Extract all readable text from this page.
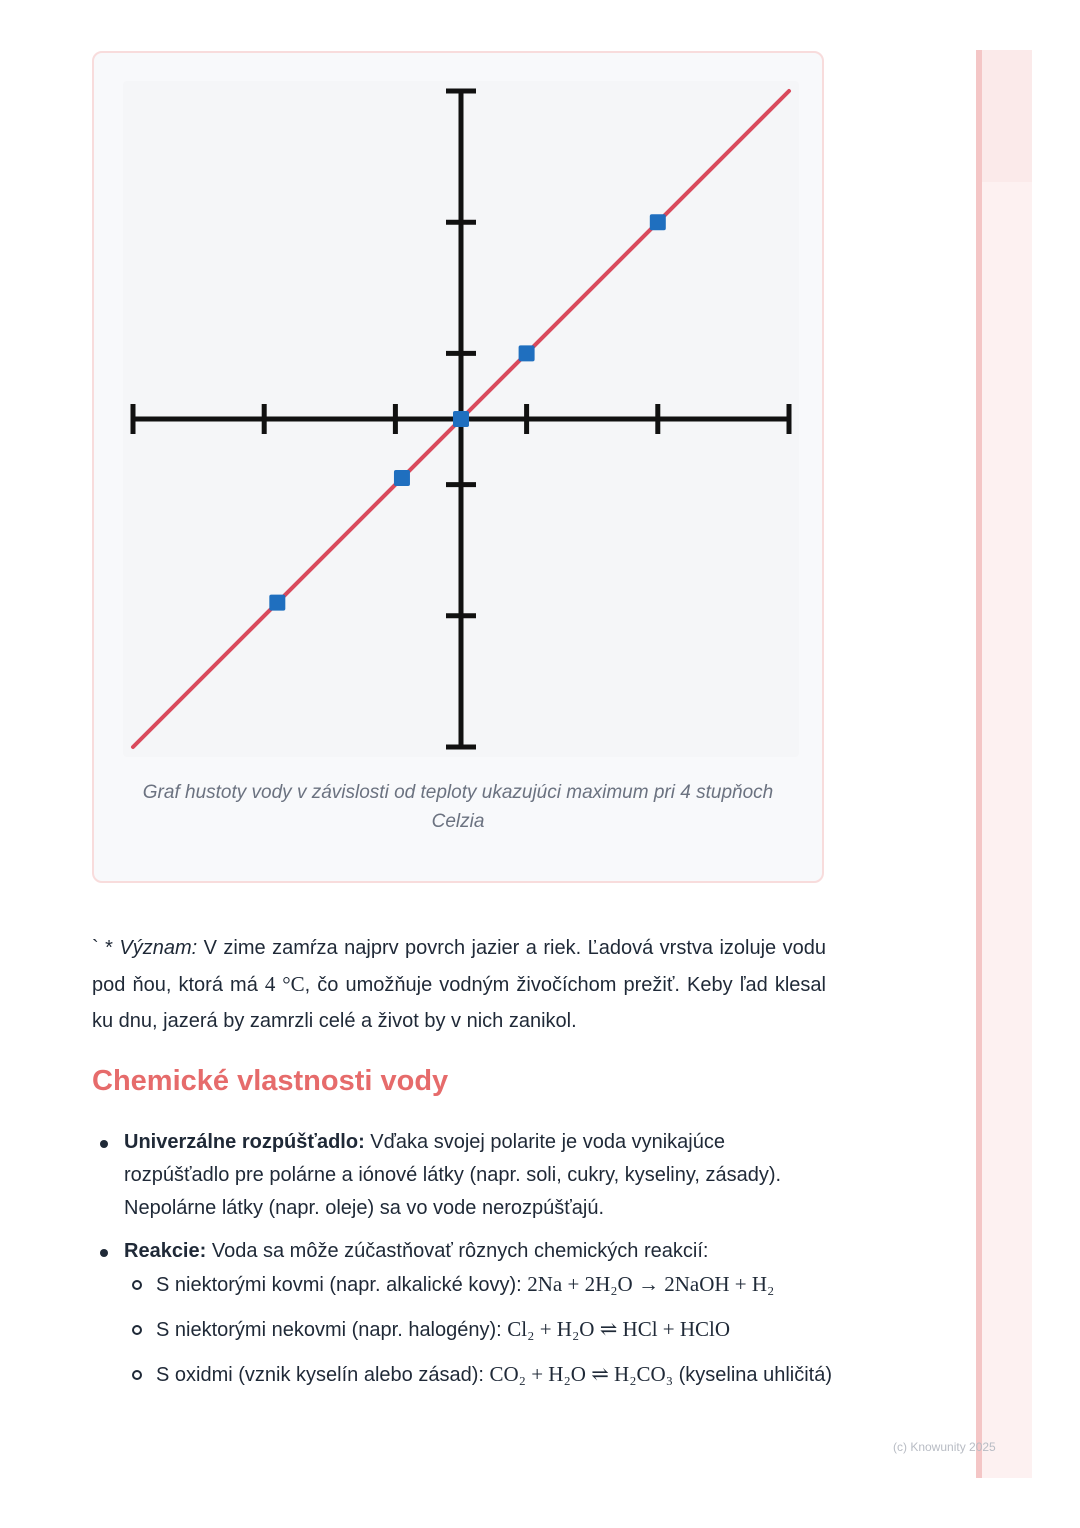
Graf hustoty vody v závislosti od teploty ukazujúci maximum pri 4 stupňoch Celzia
` * Význam: V zime zamŕza najprv povrch jazier a riek. Ľadová vrstva izoluje vodu pod ňou, ktorá má 4 °C, čo umožňuje vodným živočíchom prežiť. Keby ľad klesal ku dnu, jazerá by zamrzli celé a život by v nich zanikol.
Chemické vlastnosti vody
Univerzálne rozpúšťadlo: Vďaka svojej polarite je voda vynikajúce rozpúšťadlo pre polárne a iónové látky (napr. soli, cukry, kyseliny, zásady). Nepolárne látky (napr. oleje) sa vo vode nerozpúšťajú.
Reakcie: Voda sa môže zúčastňovať rôznych chemických reakcií:
S niektorými kovmi (napr. alkalické kovy): 2Na + 2H₂O → 2NaOH + H₂
S niektorými nekovmi (napr. halogény): Cl₂ + H₂O ⇌ HCl + HClO
S oxidmi (vznik kyselín alebo zásad): CO₂ + H₂O ⇌ H₂CO₃ (kyselina uhličitá)
(c) Knowunity 2025
